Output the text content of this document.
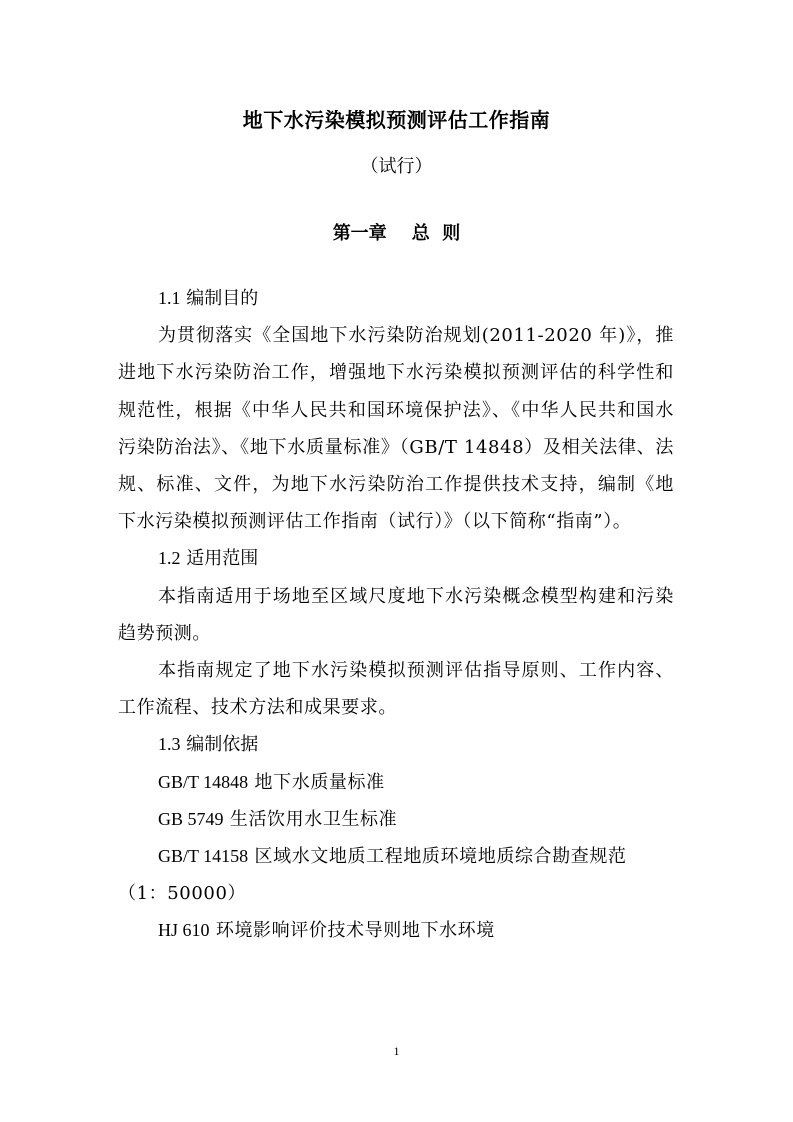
地下水污染模拟预测评估工作指南
（试行）
第一章    总  则

1.1 编制目的

为贯彻落实《全国地下水污染防治规划(2011-2020 年)》，推进地下水污染防治工作，增强地下水污染模拟预测评估的科学性和规范性，根据《中华人民共和国环境保护法》、《中华人民共和国水污染防治法》、《地下水质量标准》（GB/T 14848）及相关法律、法规、标准、文件，为地下水污染防治工作提供技术支持，编制《地下水污染模拟预测评估工作指南（试行）》（以下简称“指南”）。

1.2 适用范围

本指南适用于场地至区域尺度地下水污染概念模型构建和污染趋势预测。

本指南规定了地下水污染模拟预测评估指导原则、工作内容、工作流程、技术方法和成果要求。

1.3 编制依据

GB/T 14848 地下水质量标准

GB 5749 生活饮用水卫生标准

GB/T 14158 区域水文地质工程地质环境地质综合勘查规范（1：50000）

HJ 610 环境影响评价技术导则地下水环境

1
